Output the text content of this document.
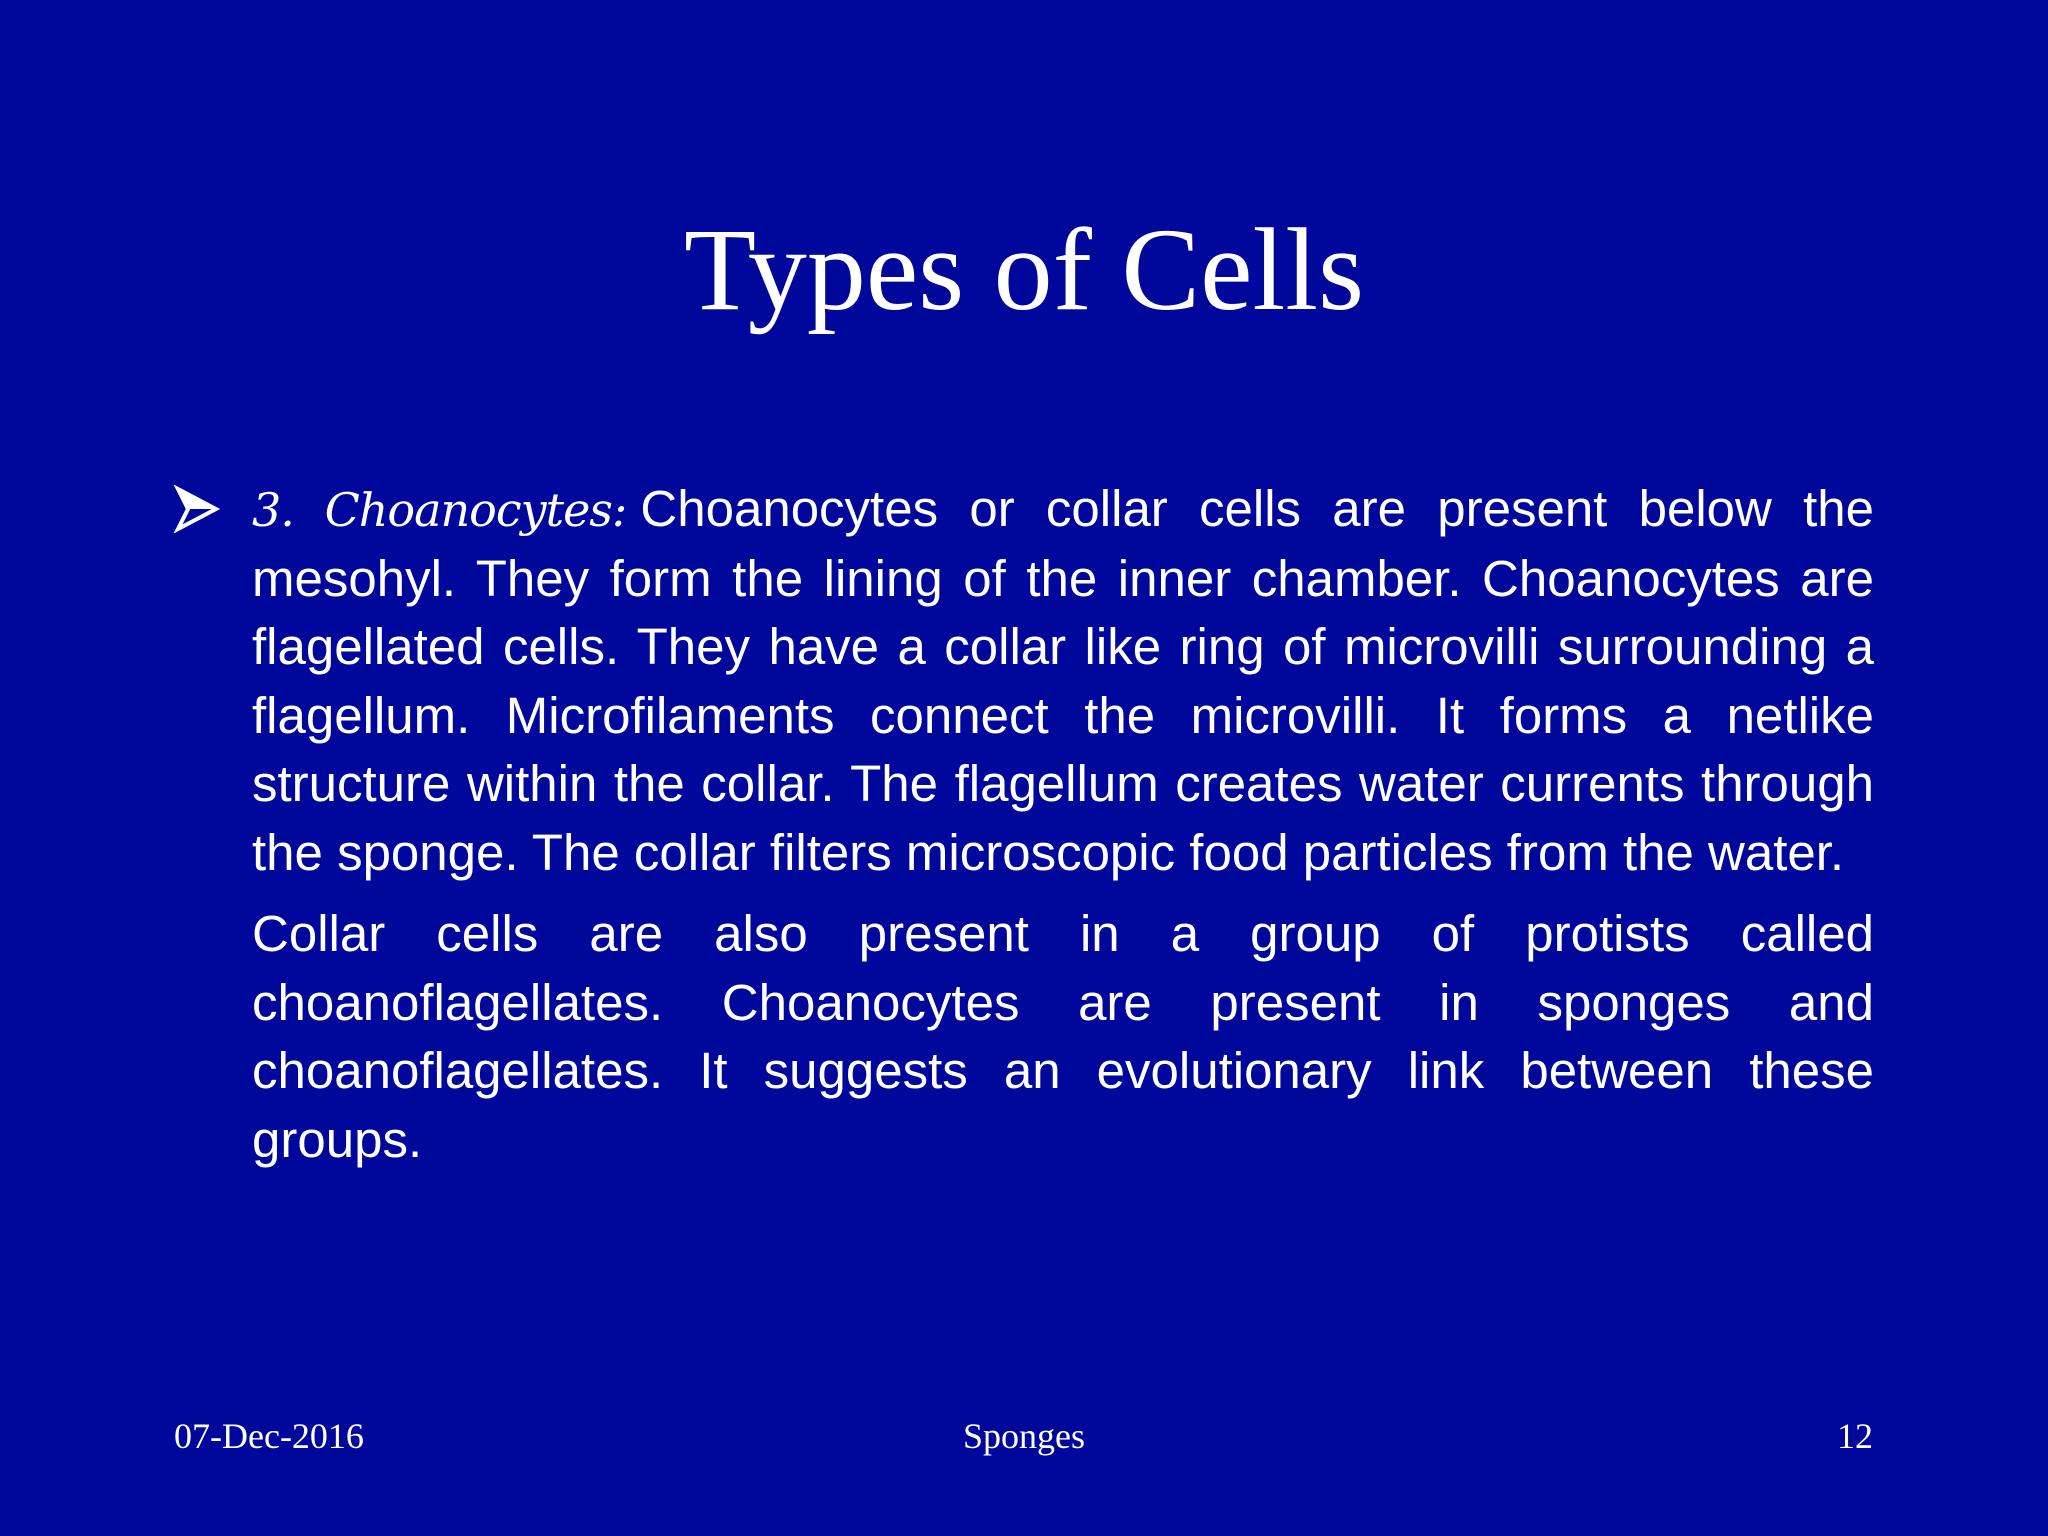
Types of Cells

3. Choanocytes: Choanocytes or collar cells are present below the mesohyl. They form the lining of the inner chamber. Choanocytes are flagellated cells. They have a collar like ring of microvilli surrounding a flagellum. Microfilaments connect the microvilli. It forms a netlike structure within the collar. The flagellum creates water currents through the sponge. The collar filters microscopic food particles from the water.

Collar cells are also present in a group of protists called choanoflagellates. Choanocytes are present in sponges and choanoflagellates. It suggests an evolutionary link between these groups.

07-Dec-2016	Sponges	12
